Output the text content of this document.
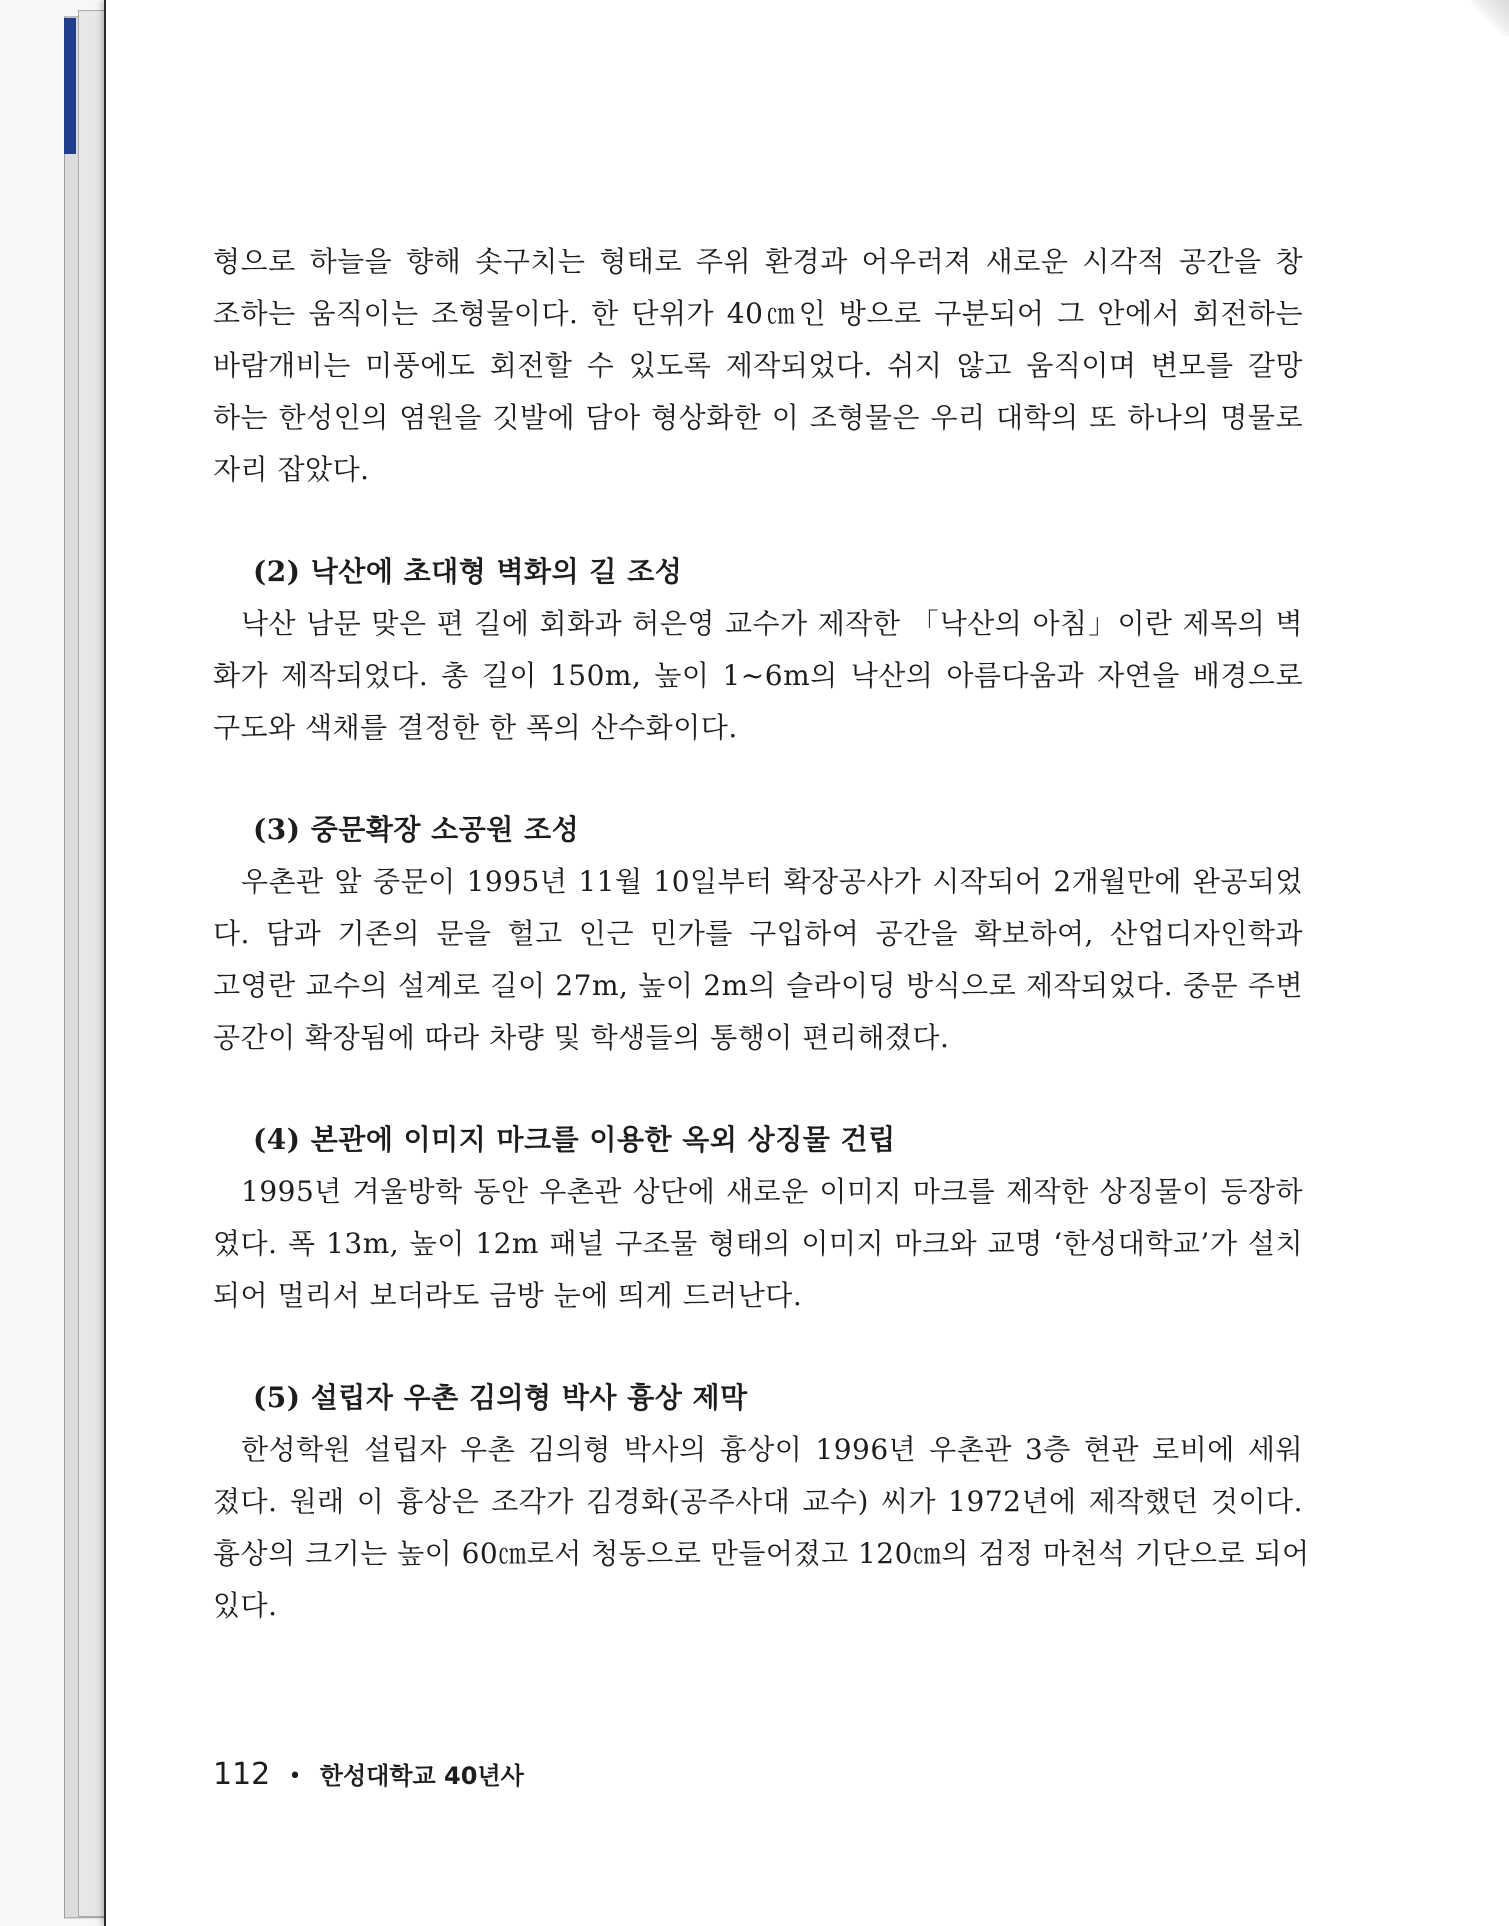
형으로 하늘을 향해 솟구치는 형태로 주위 환경과 어우러져 새로운 시각적 공간을 창
조하는 움직이는 조형물이다. 한 단위가 40㎝인 방으로 구분되어 그 안에서 회전하는
바람개비는 미풍에도 회전할 수 있도록 제작되었다. 쉬지 않고 움직이며 변모를 갈망
하는 한성인의 염원을 깃발에 담아 형상화한 이 조형물은 우리 대학의 또 하나의 명물로
자리 잡았다.

(2) 낙산에 초대형 벽화의 길 조성

낙산 남문 맞은 편 길에 회화과 허은영 교수가 제작한 「낙산의 아침」이란 제목의 벽
화가 제작되었다. 총 길이 150m, 높이 1~6m의 낙산의 아름다움과 자연을 배경으로
구도와 색채를 결정한 한 폭의 산수화이다.

(3) 중문확장 소공원 조성

우촌관 앞 중문이 1995년 11월 10일부터 확장공사가 시작되어 2개월만에 완공되었
다. 담과 기존의 문을 헐고 인근 민가를 구입하여 공간을 확보하여, 산업디자인학과
고영란 교수의 설계로 길이 27m, 높이 2m의 슬라이딩 방식으로 제작되었다. 중문 주변
공간이 확장됨에 따라 차량 및 학생들의 통행이 편리해졌다.

(4) 본관에 이미지 마크를 이용한 옥외 상징물 건립

1995년 겨울방학 동안 우촌관 상단에 새로운 이미지 마크를 제작한 상징물이 등장하
였다. 폭 13m, 높이 12m 패널 구조물 형태의 이미지 마크와 교명 ‘한성대학교’가 설치
되어 멀리서 보더라도 금방 눈에 띄게 드러난다.

(5) 설립자 우촌 김의형 박사 흉상 제막

한성학원 설립자 우촌 김의형 박사의 흉상이 1996년 우촌관 3층 현관 로비에 세워
졌다. 원래 이 흉상은 조각가 김경화(공주사대 교수) 씨가 1972년에 제작했던 것이다.
흉상의 크기는 높이 60㎝로서 청동으로 만들어졌고 120㎝의 검정 마천석 기단으로 되어
있다.

112 • 한성대학교 40년사
